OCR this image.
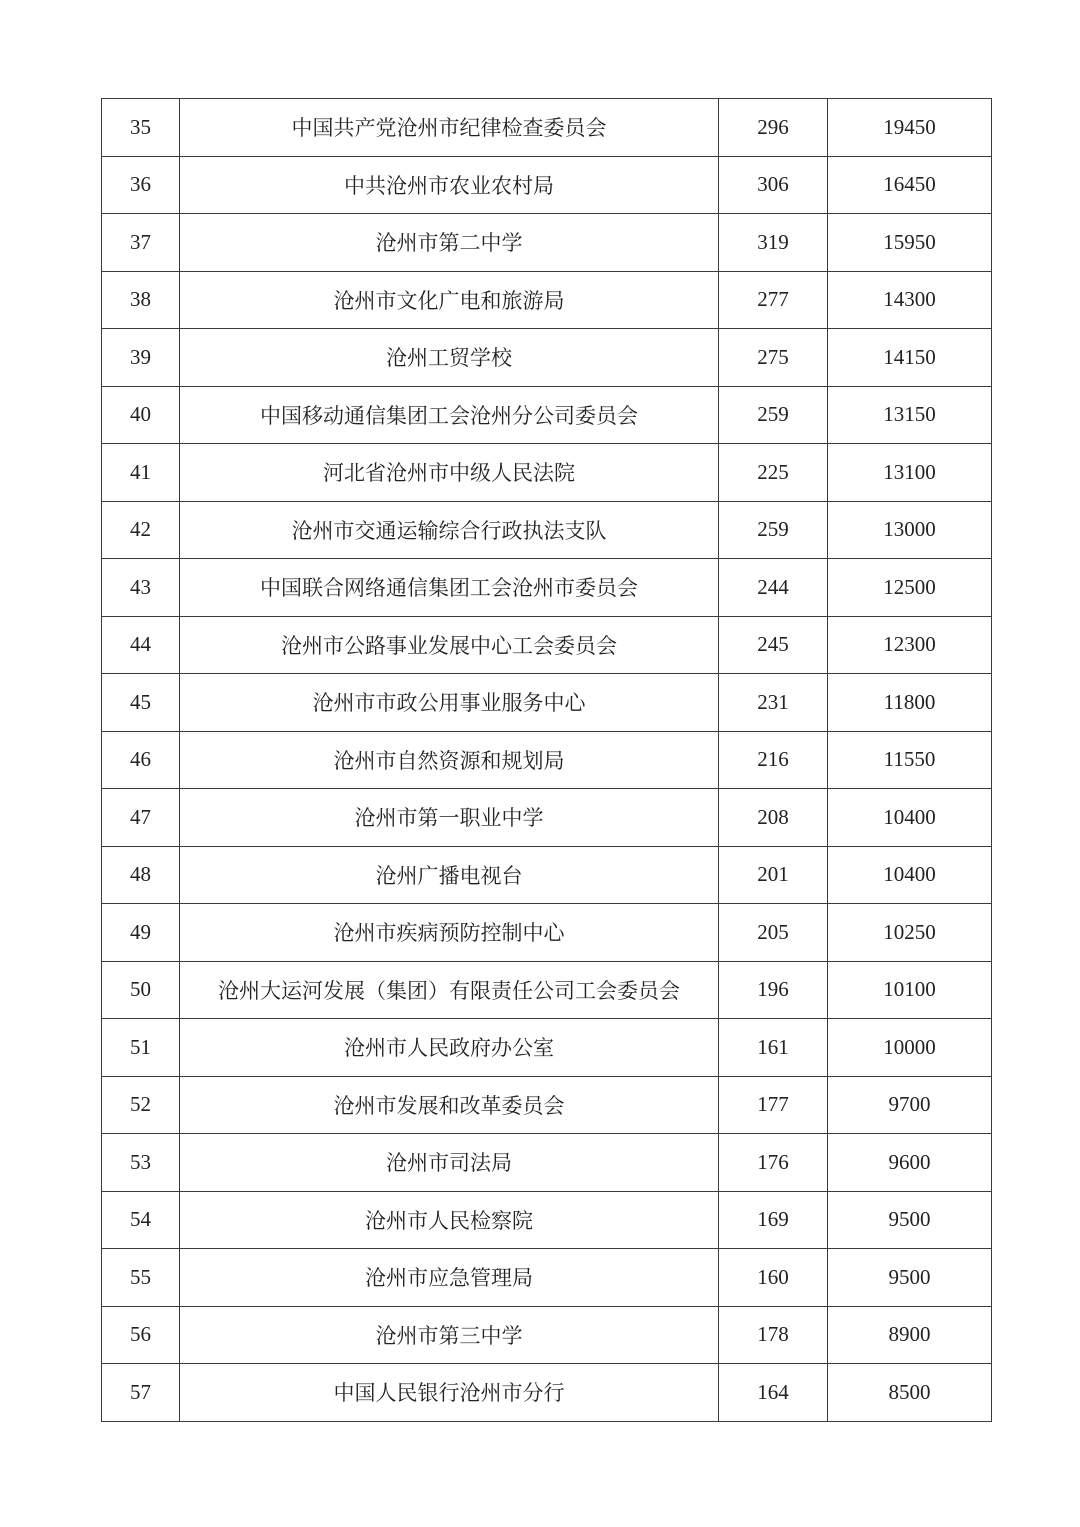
35	中国共产党沧州市纪律检查委员会	296	19450
36	中共沧州市农业农村局	306	16450
37	沧州市第二中学	319	15950
38	沧州市文化广电和旅游局	277	14300
39	沧州工贸学校	275	14150
40	中国移动通信集团工会沧州分公司委员会	259	13150
41	河北省沧州市中级人民法院	225	13100
42	沧州市交通运输综合行政执法支队	259	13000
43	中国联合网络通信集团工会沧州市委员会	244	12500
44	沧州市公路事业发展中心工会委员会	245	12300
45	沧州市市政公用事业服务中心	231	11800
46	沧州市自然资源和规划局	216	11550
47	沧州市第一职业中学	208	10400
48	沧州广播电视台	201	10400
49	沧州市疾病预防控制中心	205	10250
50	沧州大运河发展（集团）有限责任公司工会委员会	196	10100
51	沧州市人民政府办公室	161	10000
52	沧州市发展和改革委员会	177	9700
53	沧州市司法局	176	9600
54	沧州市人民检察院	169	9500
55	沧州市应急管理局	160	9500
56	沧州市第三中学	178	8900
57	中国人民银行沧州市分行	164	8500
